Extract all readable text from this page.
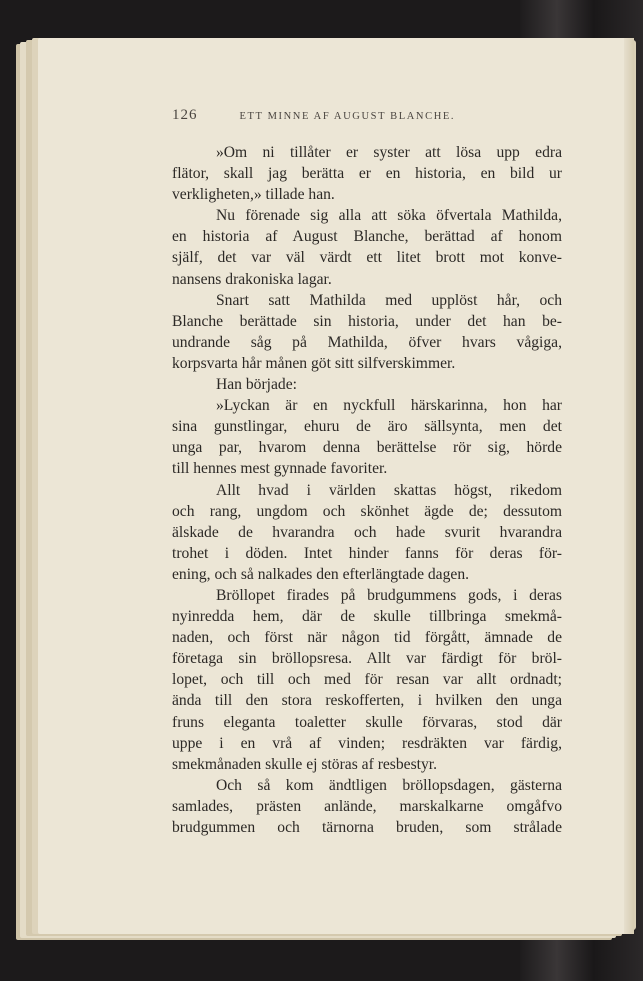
126	ETT MINNE AF AUGUST BLANCHE.
»Om ni tillåter er syster att lösa upp edra
flätor, skall jag berätta er en historia, en bild ur
verkligheten,» tillade han.
Nu förenade sig alla att söka öfvertala Mathilda,
en historia af August Blanche, berättad af honom
själf, det var väl värdt ett litet brott mot konve-
nansens drakoniska lagar.
Snart satt Mathilda med upplöst hår, och
Blanche berättade sin historia, under det han be-
undrande såg på Mathilda, öfver hvars vågiga,
korpsvarta hår månen göt sitt silfverskimmer.
Han började:
»Lyckan är en nyckfull härskarinna, hon har
sina gunstlingar, ehuru de äro sällsynta, men det
unga par, hvarom denna berättelse rör sig, hörde
till hennes mest gynnade favoriter.
Allt hvad i världen skattas högst, rikedom
och rang, ungdom och skönhet ägde de; dessutom
älskade de hvarandra och hade svurit hvarandra
trohet i döden. Intet hinder fanns för deras för-
ening, och så nalkades den efterlängtade dagen.
Bröllopet firades på brudgummens gods, i deras
nyinredda hem, där de skulle tillbringa smekmå-
naden, och först när någon tid förgått, ämnade de
företaga sin bröllopsresa. Allt var färdigt för bröl-
lopet, och till och med för resan var allt ordnadt;
ända till den stora reskofferten, i hvilken den unga
fruns eleganta toaletter skulle förvaras, stod där
uppe i en vrå af vinden; resdräkten var färdig,
smekmånaden skulle ej störas af resbestyr.
Och så kom ändtligen bröllopsdagen, gästerna
samlades, prästen anlände, marskalkarne omgåfvo
brudgummen och tärnorna bruden, som strålade
